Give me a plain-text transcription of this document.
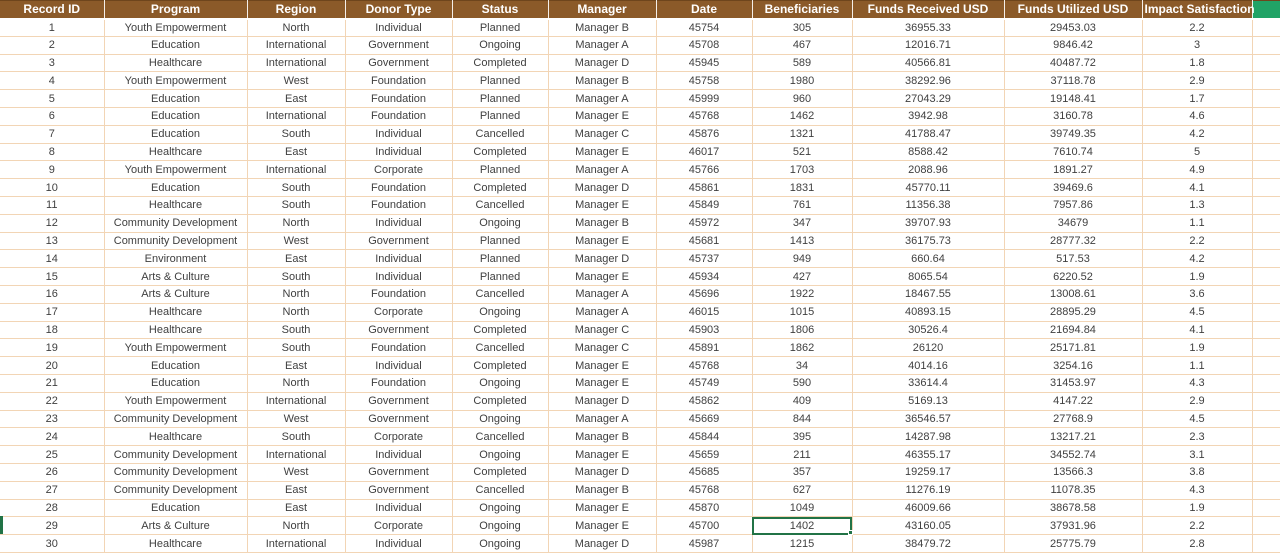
Record ID	Program	Region	Donor Type	Status	Manager	Date	Beneficiaries	Funds Received USD	Funds Utilized USD	Impact Satisfaction	
1	Youth Empowerment	North	Individual	Planned	Manager B	45754	305	36955.33	29453.03	2.2	
2	Education	International	Government	Ongoing	Manager A	45708	467	12016.71	9846.42	3	
3	Healthcare	International	Government	Completed	Manager D	45945	589	40566.81	40487.72	1.8	
4	Youth Empowerment	West	Foundation	Planned	Manager B	45758	1980	38292.96	37118.78	2.9	
5	Education	East	Foundation	Planned	Manager A	45999	960	27043.29	19148.41	1.7	
6	Education	International	Foundation	Planned	Manager E	45768	1462	3942.98	3160.78	4.6	
7	Education	South	Individual	Cancelled	Manager C	45876	1321	41788.47	39749.35	4.2	
8	Healthcare	East	Individual	Completed	Manager E	46017	521	8588.42	7610.74	5	
9	Youth Empowerment	International	Corporate	Planned	Manager A	45766	1703	2088.96	1891.27	4.9	
10	Education	South	Foundation	Completed	Manager D	45861	1831	45770.11	39469.6	4.1	
11	Healthcare	South	Foundation	Cancelled	Manager E	45849	761	11356.38	7957.86	1.3	
12	Community Development	North	Individual	Ongoing	Manager B	45972	347	39707.93	34679	1.1	
13	Community Development	West	Government	Planned	Manager E	45681	1413	36175.73	28777.32	2.2	
14	Environment	East	Individual	Planned	Manager D	45737	949	660.64	517.53	4.2	
15	Arts & Culture	South	Individual	Planned	Manager E	45934	427	8065.54	6220.52	1.9	
16	Arts & Culture	North	Foundation	Cancelled	Manager A	45696	1922	18467.55	13008.61	3.6	
17	Healthcare	North	Corporate	Ongoing	Manager A	46015	1015	40893.15	28895.29	4.5	
18	Healthcare	South	Government	Completed	Manager C	45903	1806	30526.4	21694.84	4.1	
19	Youth Empowerment	South	Foundation	Cancelled	Manager C	45891	1862	26120	25171.81	1.9	
20	Education	East	Individual	Completed	Manager E	45768	34	4014.16	3254.16	1.1	
21	Education	North	Foundation	Ongoing	Manager E	45749	590	33614.4	31453.97	4.3	
22	Youth Empowerment	International	Government	Completed	Manager D	45862	409	5169.13	4147.22	2.9	
23	Community Development	West	Government	Ongoing	Manager A	45669	844	36546.57	27768.9	4.5	
24	Healthcare	South	Corporate	Cancelled	Manager B	45844	395	14287.98	13217.21	2.3	
25	Community Development	International	Individual	Ongoing	Manager E	45659	211	46355.17	34552.74	3.1	
26	Community Development	West	Government	Completed	Manager D	45685	357	19259.17	13566.3	3.8	
27	Community Development	East	Government	Cancelled	Manager B	45768	627	11276.19	11078.35	4.3	
28	Education	East	Individual	Ongoing	Manager E	45870	1049	46009.66	38678.58	1.9	
29	Arts & Culture	North	Corporate	Ongoing	Manager E	45700	1402	43160.05	37931.96	2.2	
30	Healthcare	International	Individual	Ongoing	Manager D	45987	1215	38479.72	25775.79	2.8	
